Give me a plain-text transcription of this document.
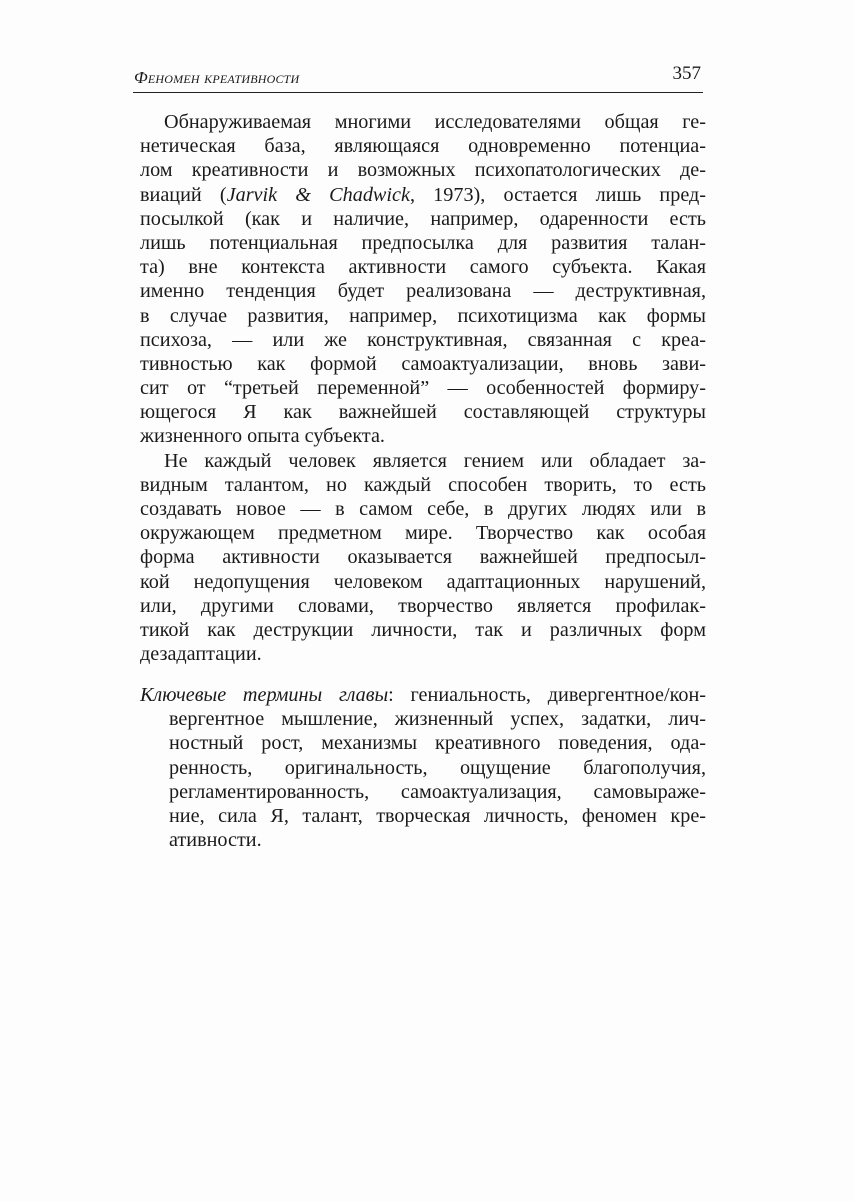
Феномен креативности	357
Обнаруживаемая многими исследователями общая ге-
нетическая база, являющаяся одновременно потенциа-
лом креативности и возможных психопатологических де-
виаций (Jarvik & Chadwick, 1973), остается лишь пред-
посылкой (как и наличие, например, одаренности есть
лишь потенциальная предпосылка для развития талан-
та) вне контекста активности самого субъекта. Какая
именно тенденция будет реализована — деструктивная,
в случае развития, например, психотицизма как формы
психоза, — или же конструктивная, связанная с креа-
тивностью как формой самоактуализации, вновь зави-
сит от “третьей переменной” — особенностей формиру-
ющегося Я как важнейшей составляющей структуры
жизненного опыта субъекта.
Не каждый человек является гением или обладает за-
видным талантом, но каждый способен творить, то есть
создавать новое — в самом себе, в других людях или в
окружающем предметном мире. Творчество как особая
форма активности оказывается важнейшей предпосыл-
кой недопущения человеком адаптационных нарушений,
или, другими словами, творчество является профилак-
тикой как деструкции личности, так и различных форм
дезадаптации.
Ключевые термины главы: гениальность, дивергентное/кон-
вергентное мышление, жизненный успех, задатки, лич-
ностный рост, механизмы креативного поведения, ода-
ренность, оригинальность, ощущение благополучия,
регламентированность, самоактуализация, самовыраже-
ние, сила Я, талант, творческая личность, феномен кре-
ативности.
